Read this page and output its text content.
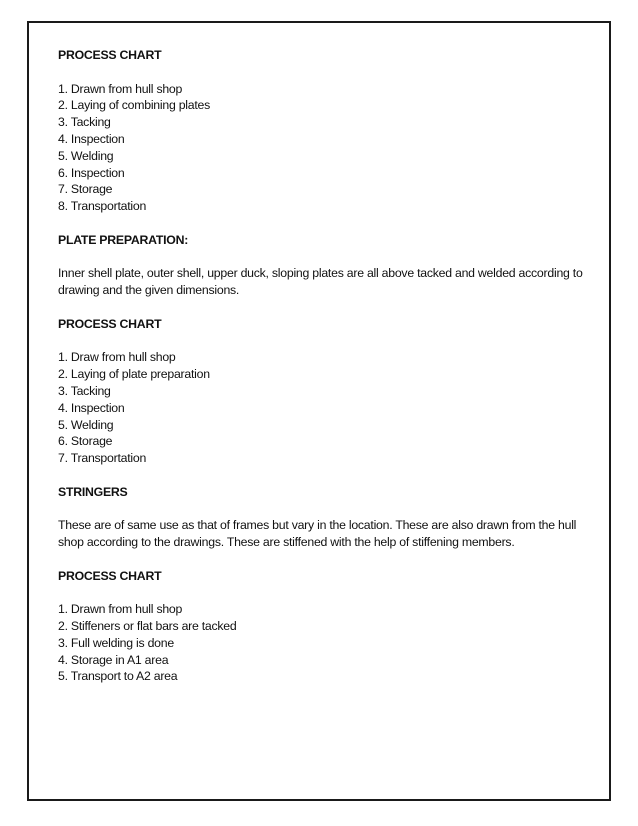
PROCESS CHART

1. Drawn from hull shop
2. Laying of combining plates
3. Tacking
4. Inspection
5. Welding
6. Inspection
7. Storage
8. Transportation

PLATE PREPARATION:

Inner shell plate, outer shell, upper duck, sloping plates are all above tacked and welded according to drawing and the given dimensions.

PROCESS CHART

1. Draw from hull shop
2. Laying of plate preparation
3. Tacking
4. Inspection
5. Welding
6. Storage
7. Transportation

STRINGERS

These are of same use as that of frames but vary in the location. These are also drawn from the hull shop according to the drawings. These are stiffened with the help of stiffening members.

PROCESS CHART

1. Drawn from hull shop
2. Stiffeners or flat bars are tacked
3. Full welding is done
4. Storage in A1 area
5. Transport to A2 area
